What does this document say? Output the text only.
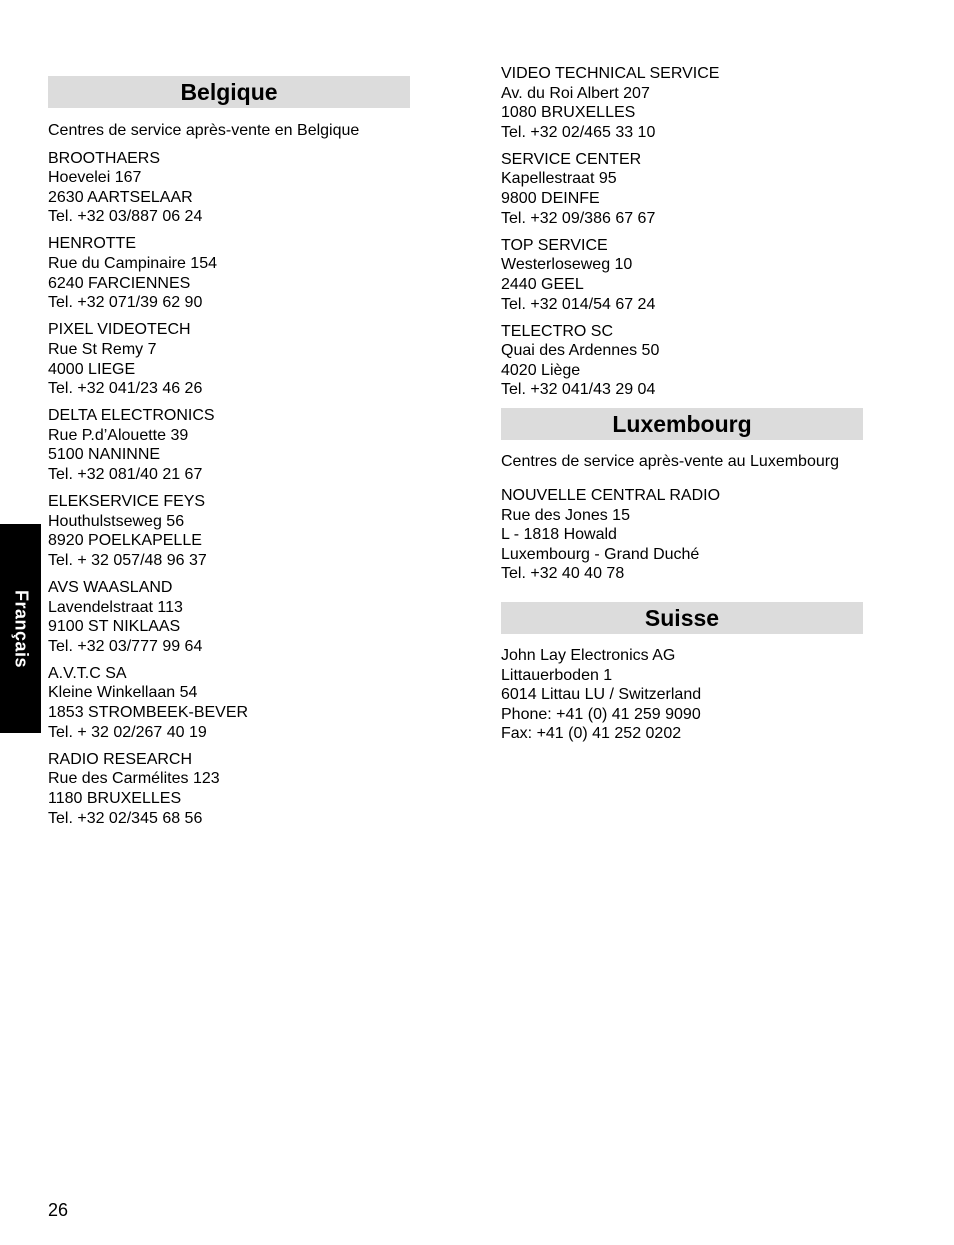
Français
Belgique
Centres de service après-vente en Belgique
BROOTHAERS
Hoevelei 167
2630 AARTSELAAR
Tel. +32 03/887 06 24
HENROTTE
Rue du Campinaire 154
6240 FARCIENNES
Tel. +32 071/39 62 90
PIXEL VIDEOTECH
Rue St Remy 7
4000 LIEGE
Tel. +32 041/23 46 26
DELTA ELECTRONICS
Rue P.d’Alouette 39
5100 NANINNE
Tel. +32 081/40 21 67
ELEKSERVICE FEYS
Houthulstseweg 56
8920 POELKAPELLE
Tel. + 32 057/48 96 37
AVS WAASLAND
Lavendelstraat 113
9100 ST NIKLAAS
Tel. +32 03/777 99 64
A.V.T.C SA
Kleine Winkellaan 54
1853 STROMBEEK-BEVER
Tel. + 32 02/267 40 19
RADIO RESEARCH
Rue des Carmélites 123
1180 BRUXELLES
Tel. +32 02/345 68 56
VIDEO TECHNICAL SERVICE
Av. du Roi Albert 207
1080 BRUXELLES
Tel. +32 02/465 33 10
SERVICE CENTER
Kapellestraat 95
9800 DEINFE
Tel. +32 09/386 67 67
TOP SERVICE
Westerloseweg 10
2440 GEEL
Tel. +32 014/54 67 24
TELECTRO SC
Quai des Ardennes 50
4020 Liège
Tel. +32 041/43 29 04
Luxembourg
Centres de service après-vente au Luxembourg
NOUVELLE CENTRAL RADIO
Rue des Jones 15
L - 1818 Howald
Luxembourg - Grand Duché
Tel. +32 40 40 78
Suisse
John Lay Electronics AG
Littauerboden 1
6014 Littau LU / Switzerland
Phone: +41 (0) 41 259 9090
Fax: +41 (0) 41 252 0202
26
